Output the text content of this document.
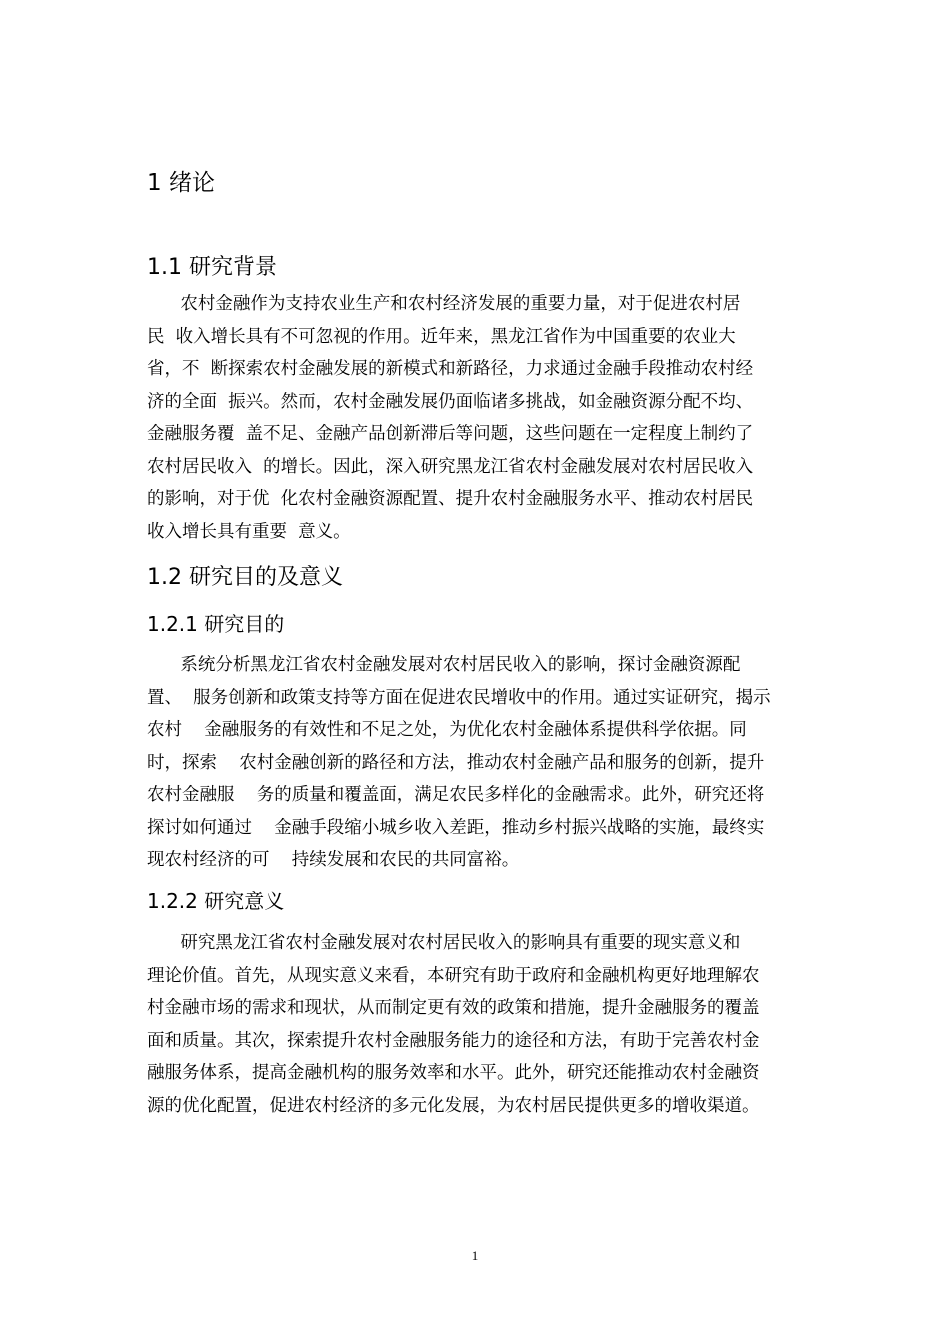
1 绪论
1.1 研究背景
农村金融作为支持农业生产和农村经济发展的重要力量，对于促进农村居
民  收入增长具有不可忽视的作用。近年来，黑龙江省作为中国重要的农业大
省，不  断探索农村金融发展的新模式和新路径，力求通过金融手段推动农村经
济的全面  振兴。然而，农村金融发展仍面临诸多挑战，如金融资源分配不均、
金融服务覆  盖不足、金融产品创新滞后等问题，这些问题在一定程度上制约了
农村居民收入  的增长。因此，深入研究黑龙江省农村金融发展对农村居民收入
的影响，对于优  化农村金融资源配置、提升农村金融服务水平、推动农村居民
收入增长具有重要  意义。
1.2 研究目的及意义
1.2.1 研究目的
系统分析黑龙江省农村金融发展对农村居民收入的影响，探讨金融资源配
置、  服务创新和政策支持等方面在促进农民增收中的作用。通过实证研究，揭示
农村    金融服务的有效性和不足之处，为优化农村金融体系提供科学依据。同
时，探索    农村金融创新的路径和方法，推动农村金融产品和服务的创新，提升
农村金融服    务的质量和覆盖面，满足农民多样化的金融需求。此外，研究还将
探讨如何通过    金融手段缩小城乡收入差距，推动乡村振兴战略的实施，最终实
现农村经济的可    持续发展和农民的共同富裕。
1.2.2 研究意义
研究黑龙江省农村金融发展对农村居民收入的影响具有重要的现实意义和
理论价值。首先，从现实意义来看，本研究有助于政府和金融机构更好地理解农
村金融市场的需求和现状，从而制定更有效的政策和措施，提升金融服务的覆盖
面和质量。其次，探索提升农村金融服务能力的途径和方法，有助于完善农村金
融服务体系，提高金融机构的服务效率和水平。此外，研究还能推动农村金融资
源的优化配置，促进农村经济的多元化发展，为农村居民提供更多的增收渠道。
1
